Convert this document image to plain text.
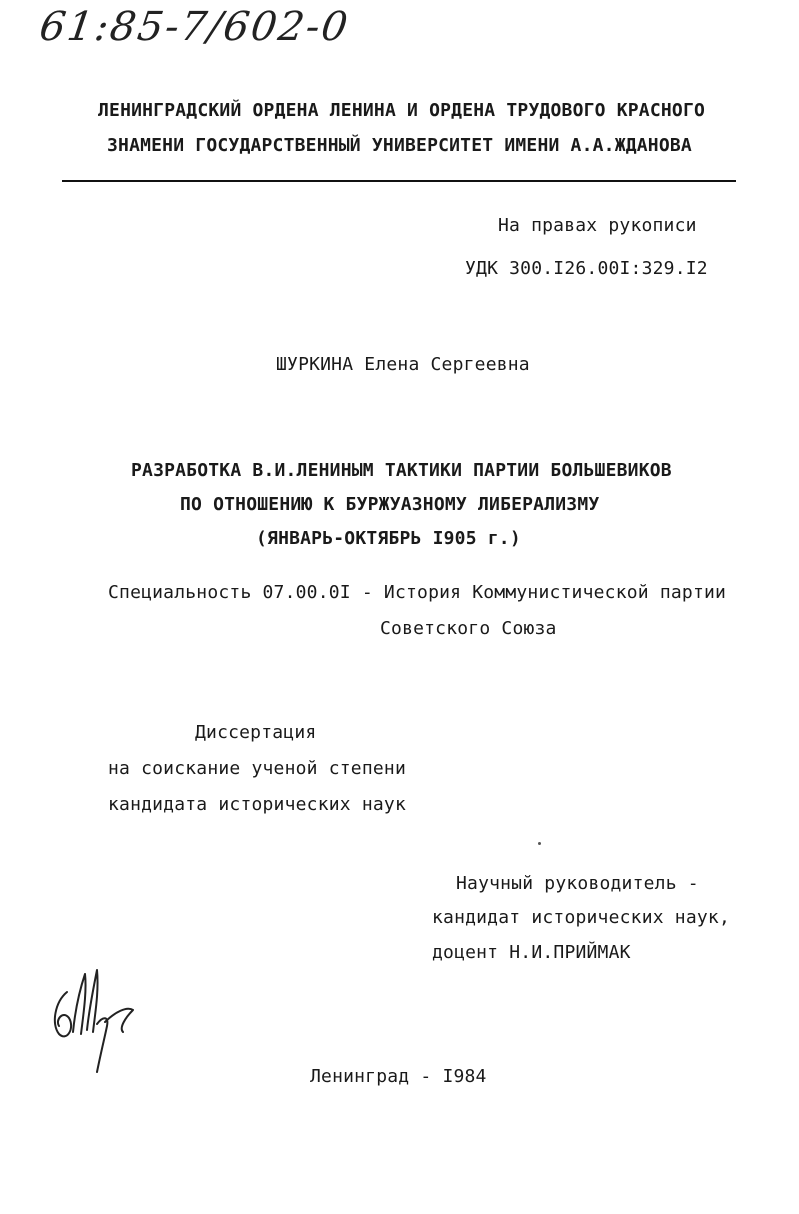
61:85-7/602-0
ЛЕНИНГРАДСКИЙ ОРДЕНА ЛЕНИНА И ОРДЕНА ТРУДОВОГО КРАСНОГО
ЗНАМЕНИ ГОСУДАРСТВЕННЫЙ УНИВЕРСИТЕТ ИМЕНИ А.А.ЖДАНОВА
На правах рукописи
УДК 300.I26.00I:329.I2
ШУРКИНА Елена Сергеевна
РАЗРАБОТКА В.И.ЛЕНИНЫМ ТАКТИКИ ПАРТИИ БОЛЬШЕВИКОВ
ПО ОТНОШЕНИЮ К БУРЖУАЗНОМУ ЛИБЕРАЛИЗМУ
(ЯНВАРЬ-ОКТЯБРЬ I905 г.)
Специальность 07.00.0I - История Коммунистической партии
Советского Союза
Диссертация
на соискание ученой степени
кандидата исторических наук
Научный руководитель -
кандидат исторических наук,
доцент Н.И.ПРИЙМАК
Ленинград - I984
